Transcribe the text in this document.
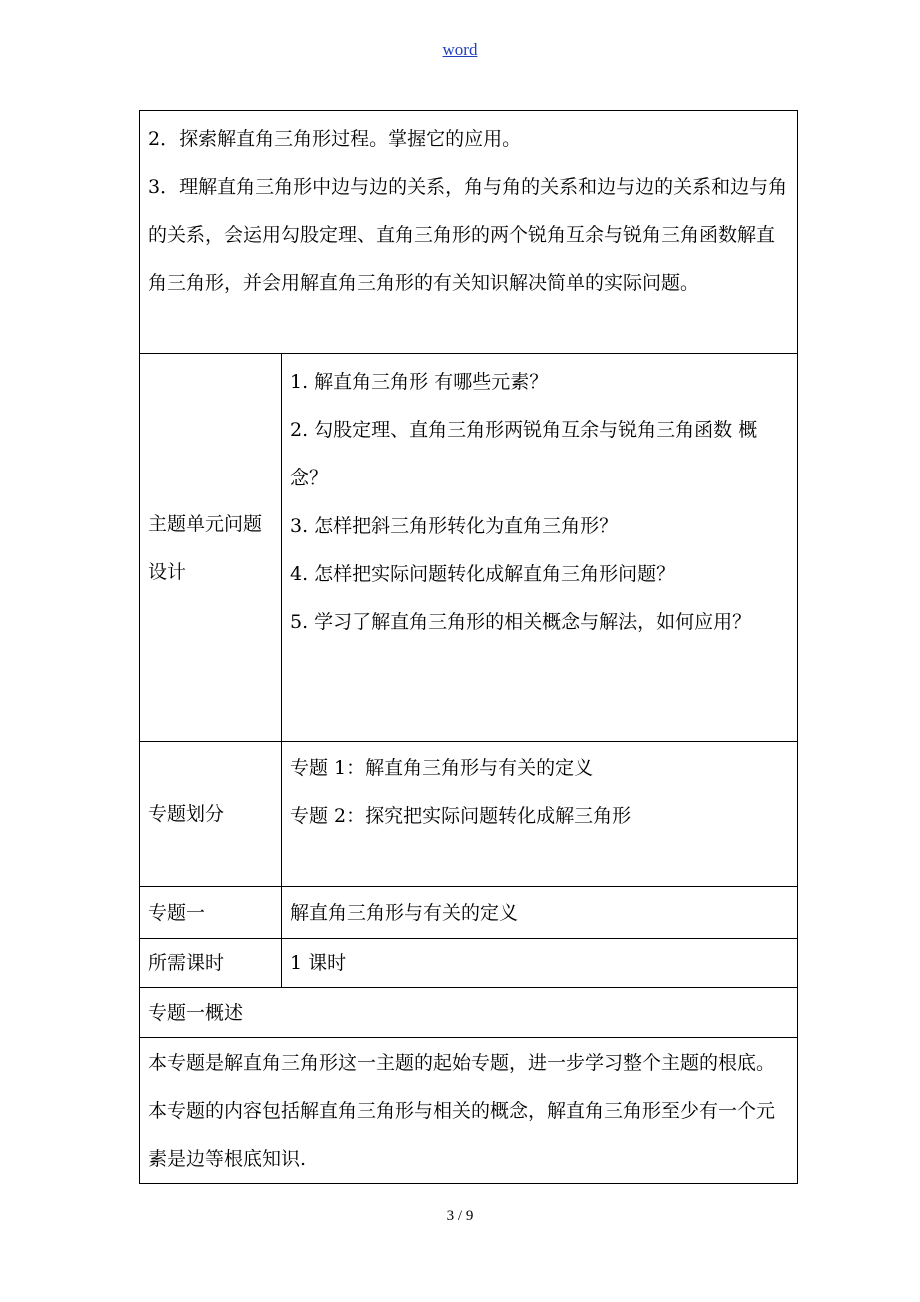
word

2．探索解直角三角形过程。掌握它的应用。

3．理解直角三角形中边与边的关系，角与角的关系和边与边的关系和边与角的关系，会运用勾股定理、直角三角形的两个锐角互余与锐角三角函数解直角三角形，并会用解直角三角形的有关知识解决简单的实际问题。	

主题单元问题设计	1. 解直角三角形 有哪些元素？

2. 勾股定理、直角三角形两锐角互余与锐角三角函数 概念？

3. 怎样把斜三角形转化为直角三角形？

4. 怎样把实际问题转化成解直角三角形问题？

5. 学习了解直角三角形的相关概念与解法，如何应用？

专题划分	专题 1：解直角三角形与有关的定义

专题 2：探究把实际问题转化成解三角形

专题一	解直角三角形与有关的定义
所需课时	1 课时
专题一概述	
本专题是解直角三角形这一主题的起始专题，进一步学习整个主题的根底。本专题的内容包括解直角三角形与相关的概念，解直角三角形至少有一个元素是边等根底知识.	
3 / 9
